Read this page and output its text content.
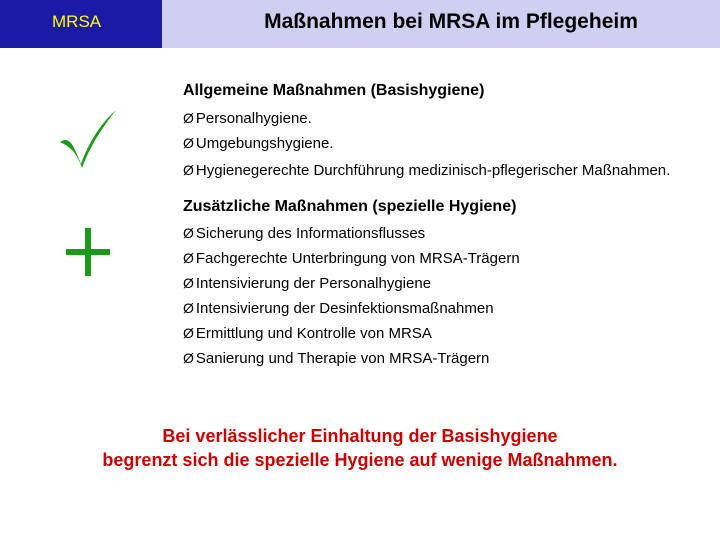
MRSA	Maßnahmen bei MRSA im Pflegeheim
Allgemeine Maßnahmen (Basishygiene)
Ø Personalhygiene.
Ø Umgebungshygiene.
Ø Hygienegerechte Durchführung medizinisch-pflegerischer Maßnahmen.
Zusätzliche Maßnahmen (spezielle Hygiene)
Ø Sicherung des Informationsflusses
Ø Fachgerechte Unterbringung von MRSA-Trägern
Ø Intensivierung der Personalhygiene
Ø Intensivierung der Desinfektionsmaßnahmen
Ø Ermittlung und Kontrolle von MRSA
Ø Sanierung und Therapie von MRSA-Trägern
Bei verlässlicher Einhaltung der Basishygiene
begrenzt sich die spezielle Hygiene auf wenige Maßnahmen.
